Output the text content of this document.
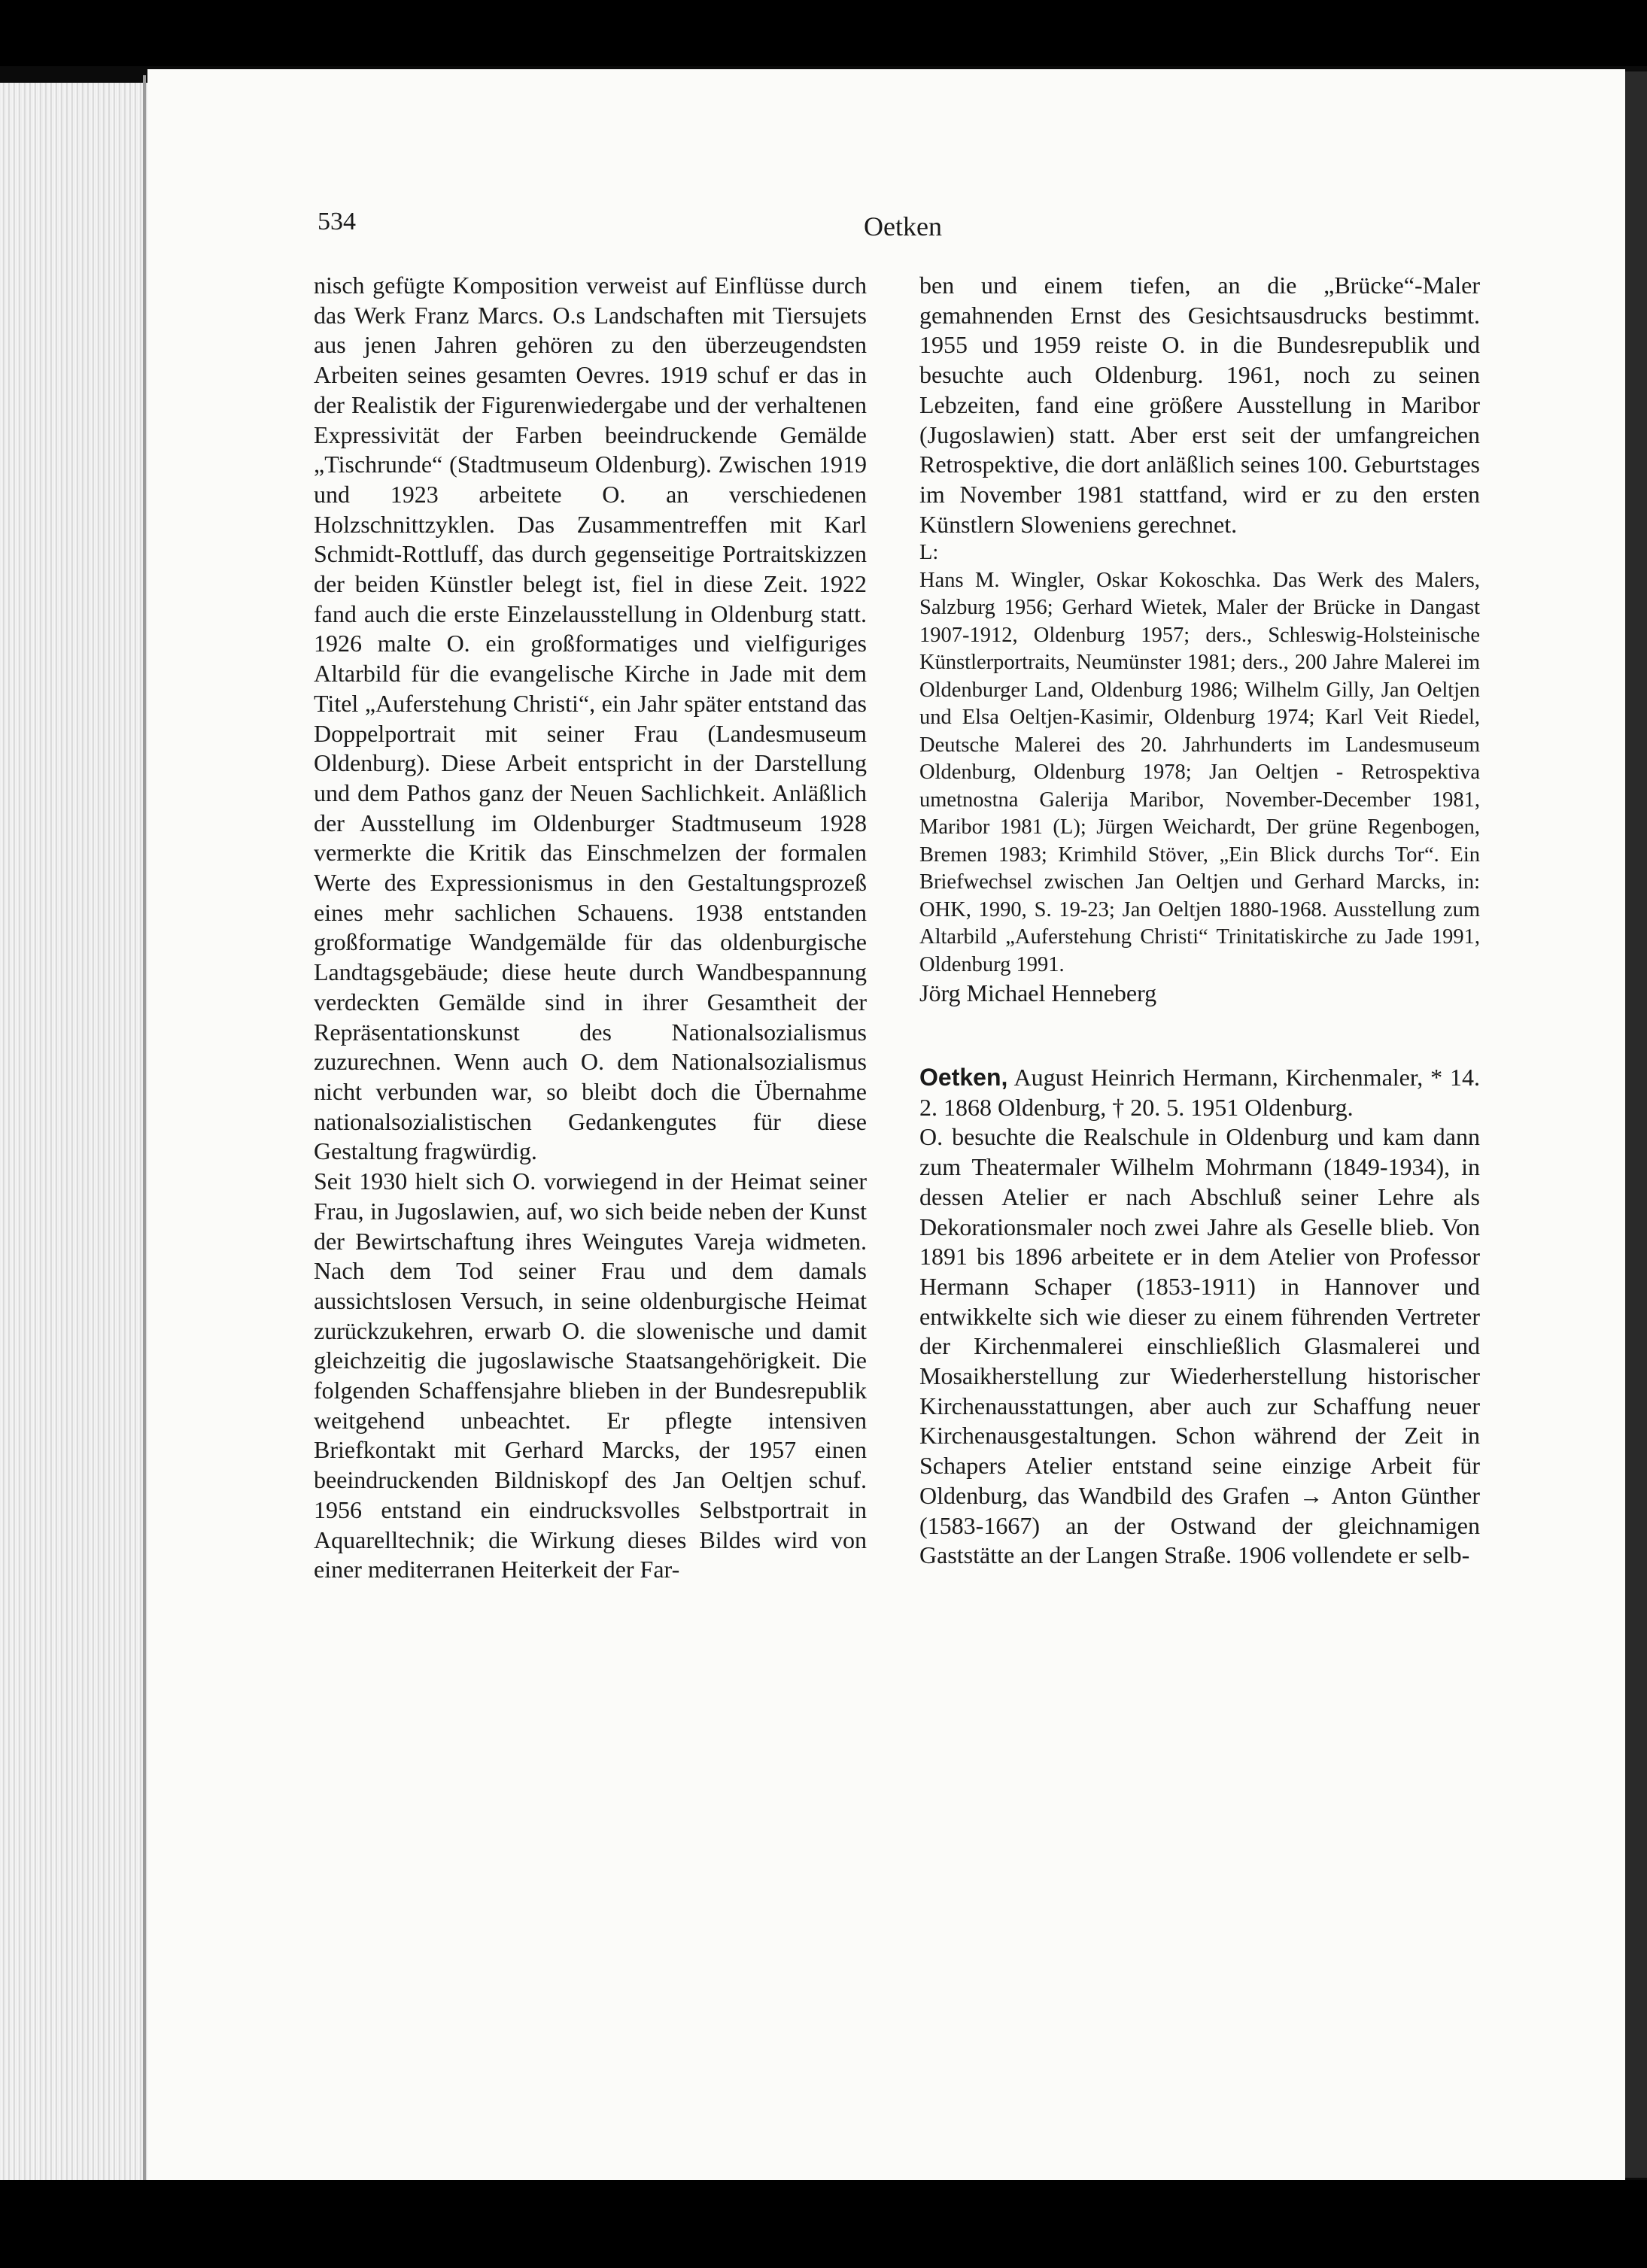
534	Oetken

nisch gefügte Komposition verweist auf Einflüsse durch das Werk Franz Marcs. O.s Landschaften mit Tiersujets aus jenen Jahren gehören zu den überzeugendsten Arbeiten seines gesamten Oevres. 1919 schuf er das in der Realistik der Figurenwiedergabe und der verhaltenen Expressivität der Farben beeindruckende Gemälde „Tischrunde“ (Stadtmuseum Oldenburg). Zwischen 1919 und 1923 arbeitete O. an verschiedenen Holzschnittzyklen. Das Zusammentreffen mit Karl Schmidt-Rottluff, das durch gegenseitige Portraitskizzen der beiden Künstler belegt ist, fiel in diese Zeit. 1922 fand auch die erste Einzelausstellung in Oldenburg statt. 1926 malte O. ein großformatiges und vielfiguriges Altarbild für die evangelische Kirche in Jade mit dem Titel „Auferstehung Christi“, ein Jahr später entstand das Doppelportrait mit seiner Frau (Landesmuseum Oldenburg). Diese Arbeit entspricht in der Darstellung und dem Pathos ganz der Neuen Sachlichkeit. Anläßlich der Ausstellung im Oldenburger Stadtmuseum 1928 vermerkte die Kritik das Einschmelzen der formalen Werte des Expressionismus in den Gestaltungsprozeß eines mehr sachlichen Schauens. 1938 entstanden großformatige Wandgemälde für das oldenburgische Landtagsgebäude; diese heute durch Wandbespannung verdeckten Gemälde sind in ihrer Gesamtheit der Repräsentationskunst des Nationalsozialismus zuzurechnen. Wenn auch O. dem Nationalsozialismus nicht verbunden war, so bleibt doch die Übernahme nationalsozialistischen Gedankengutes für diese Gestaltung fragwürdig.

Seit 1930 hielt sich O. vorwiegend in der Heimat seiner Frau, in Jugoslawien, auf, wo sich beide neben der Kunst der Bewirtschaftung ihres Weingutes Vareja widmeten. Nach dem Tod seiner Frau und dem damals aussichtslosen Versuch, in seine oldenburgische Heimat zurückzukehren, erwarb O. die slowenische und damit gleichzeitig die jugoslawische Staatsangehörigkeit. Die folgenden Schaffensjahre blieben in der Bundesrepublik weitgehend unbeachtet. Er pflegte intensiven Briefkontakt mit Gerhard Marcks, der 1957 einen beeindruckenden Bildniskopf des Jan Oeltjen schuf. 1956 entstand ein eindrucksvolles Selbstportrait in Aquarelltechnik; die Wirkung dieses Bildes wird von einer mediterranen Heiterkeit der Far-

ben und einem tiefen, an die „Brücke“-Maler gemahnenden Ernst des Gesichtsausdrucks bestimmt. 1955 und 1959 reiste O. in die Bundesrepublik und besuchte auch Oldenburg. 1961, noch zu seinen Lebzeiten, fand eine größere Ausstellung in Maribor (Jugoslawien) statt. Aber erst seit der umfangreichen Retrospektive, die dort anläßlich seines 100. Geburtstages im November 1981 stattfand, wird er zu den ersten Künstlern Sloweniens gerechnet.

L:

Hans M. Wingler, Oskar Kokoschka. Das Werk des Malers, Salzburg 1956; Gerhard Wietek, Maler der Brücke in Dangast 1907-1912, Oldenburg 1957; ders., Schleswig-Holsteinische Künstlerportraits, Neumünster 1981; ders., 200 Jahre Malerei im Oldenburger Land, Oldenburg 1986; Wilhelm Gilly, Jan Oeltjen und Elsa Oeltjen-Kasimir, Oldenburg 1974; Karl Veit Riedel, Deutsche Malerei des 20. Jahrhunderts im Landesmuseum Oldenburg, Oldenburg 1978; Jan Oeltjen - Retrospektiva umetnostna Galerija Maribor, November-December 1981, Maribor 1981 (L); Jürgen Weichardt, Der grüne Regenbogen, Bremen 1983; Krimhild Stöver, „Ein Blick durchs Tor“. Ein Briefwechsel zwischen Jan Oeltjen und Gerhard Marcks, in: OHK, 1990, S. 19-23; Jan Oeltjen 1880-1968. Ausstellung zum Altarbild „Auferstehung Christi“ Trinitatiskirche zu Jade 1991, Oldenburg 1991.

Jörg Michael Henneberg

Oetken, August Heinrich Hermann, Kirchenmaler, * 14. 2. 1868 Oldenburg, † 20. 5. 1951 Oldenburg.

O. besuchte die Realschule in Oldenburg und kam dann zum Theatermaler Wilhelm Mohrmann (1849-1934), in dessen Atelier er nach Abschluß seiner Lehre als Dekorationsmaler noch zwei Jahre als Geselle blieb. Von 1891 bis 1896 arbeitete er in dem Atelier von Professor Hermann Schaper (1853-1911) in Hannover und entwikkelte sich wie dieser zu einem führenden Vertreter der Kirchenmalerei einschließlich Glasmalerei und Mosaikherstellung zur Wiederherstellung historischer Kirchenausstattungen, aber auch zur Schaffung neuer Kirchenausgestaltungen. Schon während der Zeit in Schapers Atelier entstand seine einzige Arbeit für Oldenburg, das Wandbild des Grafen → Anton Günther (1583-1667) an der Ostwand der gleichnamigen Gaststätte an der Langen Straße. 1906 vollendete er selb-
